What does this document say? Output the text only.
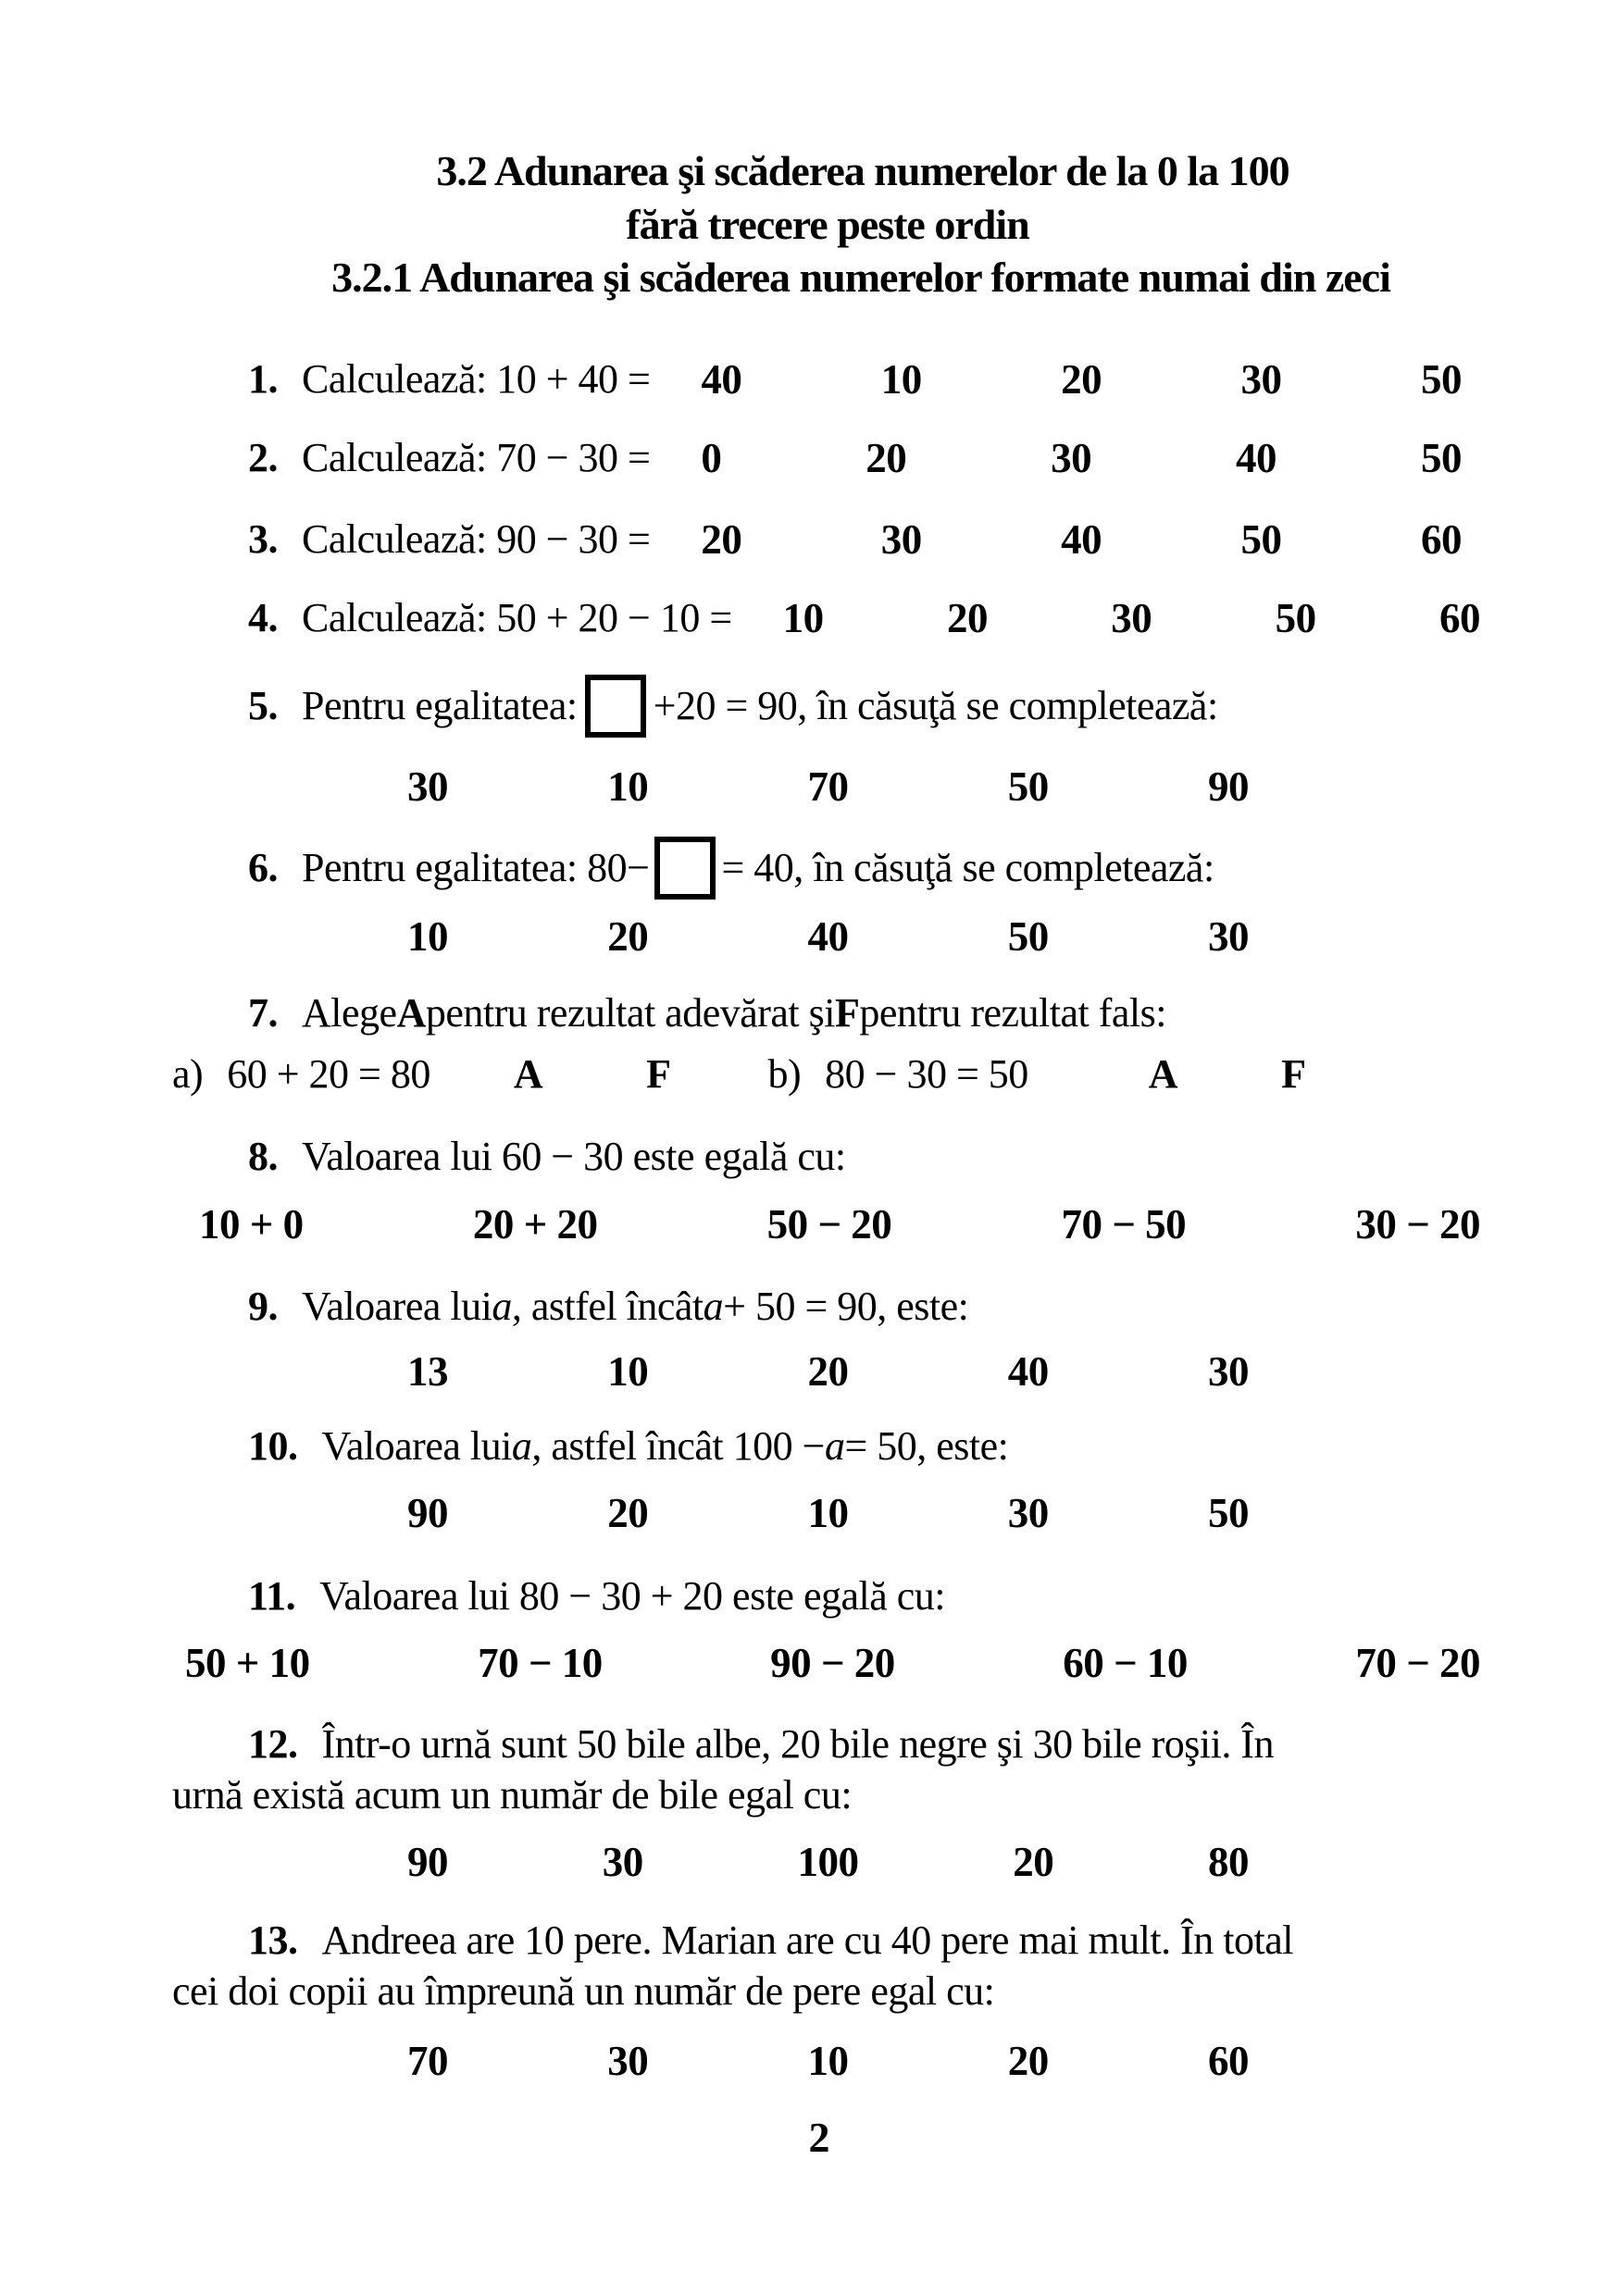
3.2 Adunarea şi scăderea numerelor de la 0 la 100
fără trecere peste ordin
3.2.1 Adunarea şi scăderea numerelor formate numai din zeci
1. Calculează: 10 + 40 = 40	10	20	30	50
2. Calculează: 70 − 30 = 0	20	30	40	50
3. Calculează: 90 − 30 = 20	30	40	50	60
4. Calculează: 50 + 20 − 10 = 10	20	30	50	60
5. Pentru egalitatea: +20 = 90, în căsuţă se completează:
30	10	70	50	90
6. Pentru egalitatea: 80− = 40, în căsuţă se completează:
10	20	40	50	30
7. Alege A pentru rezultat adevărat şi F pentru rezultat fals:
a) 60 + 20 = 80 A	F b) 80 − 30 = 50	A	F
8. Valoarea lui 60 − 30 este egală cu:
10 + 0	20 + 20	50 − 20	70 − 50	30 − 20
9. Valoarea lui a , astfel încât a + 50 = 90, este:
13	10	20	40	30
10. Valoarea lui a , astfel încât 100 − a = 50, este:
90	20	10	30	50
11. Valoarea lui 80 − 30 + 20 este egală cu:
50 + 10	70 − 10	90 − 20	60 − 10	70 − 20
12. Într-o urnă sunt 50 bile albe, 20 bile negre şi 30 bile roşii. În
urnă există acum un număr de bile egal cu:
90	30	100	20	80
13. Andreea are 10 pere. Marian are cu 40 pere mai mult. În total
cei doi copii au împreună un număr de pere egal cu:
70	30	10	20	60
2
